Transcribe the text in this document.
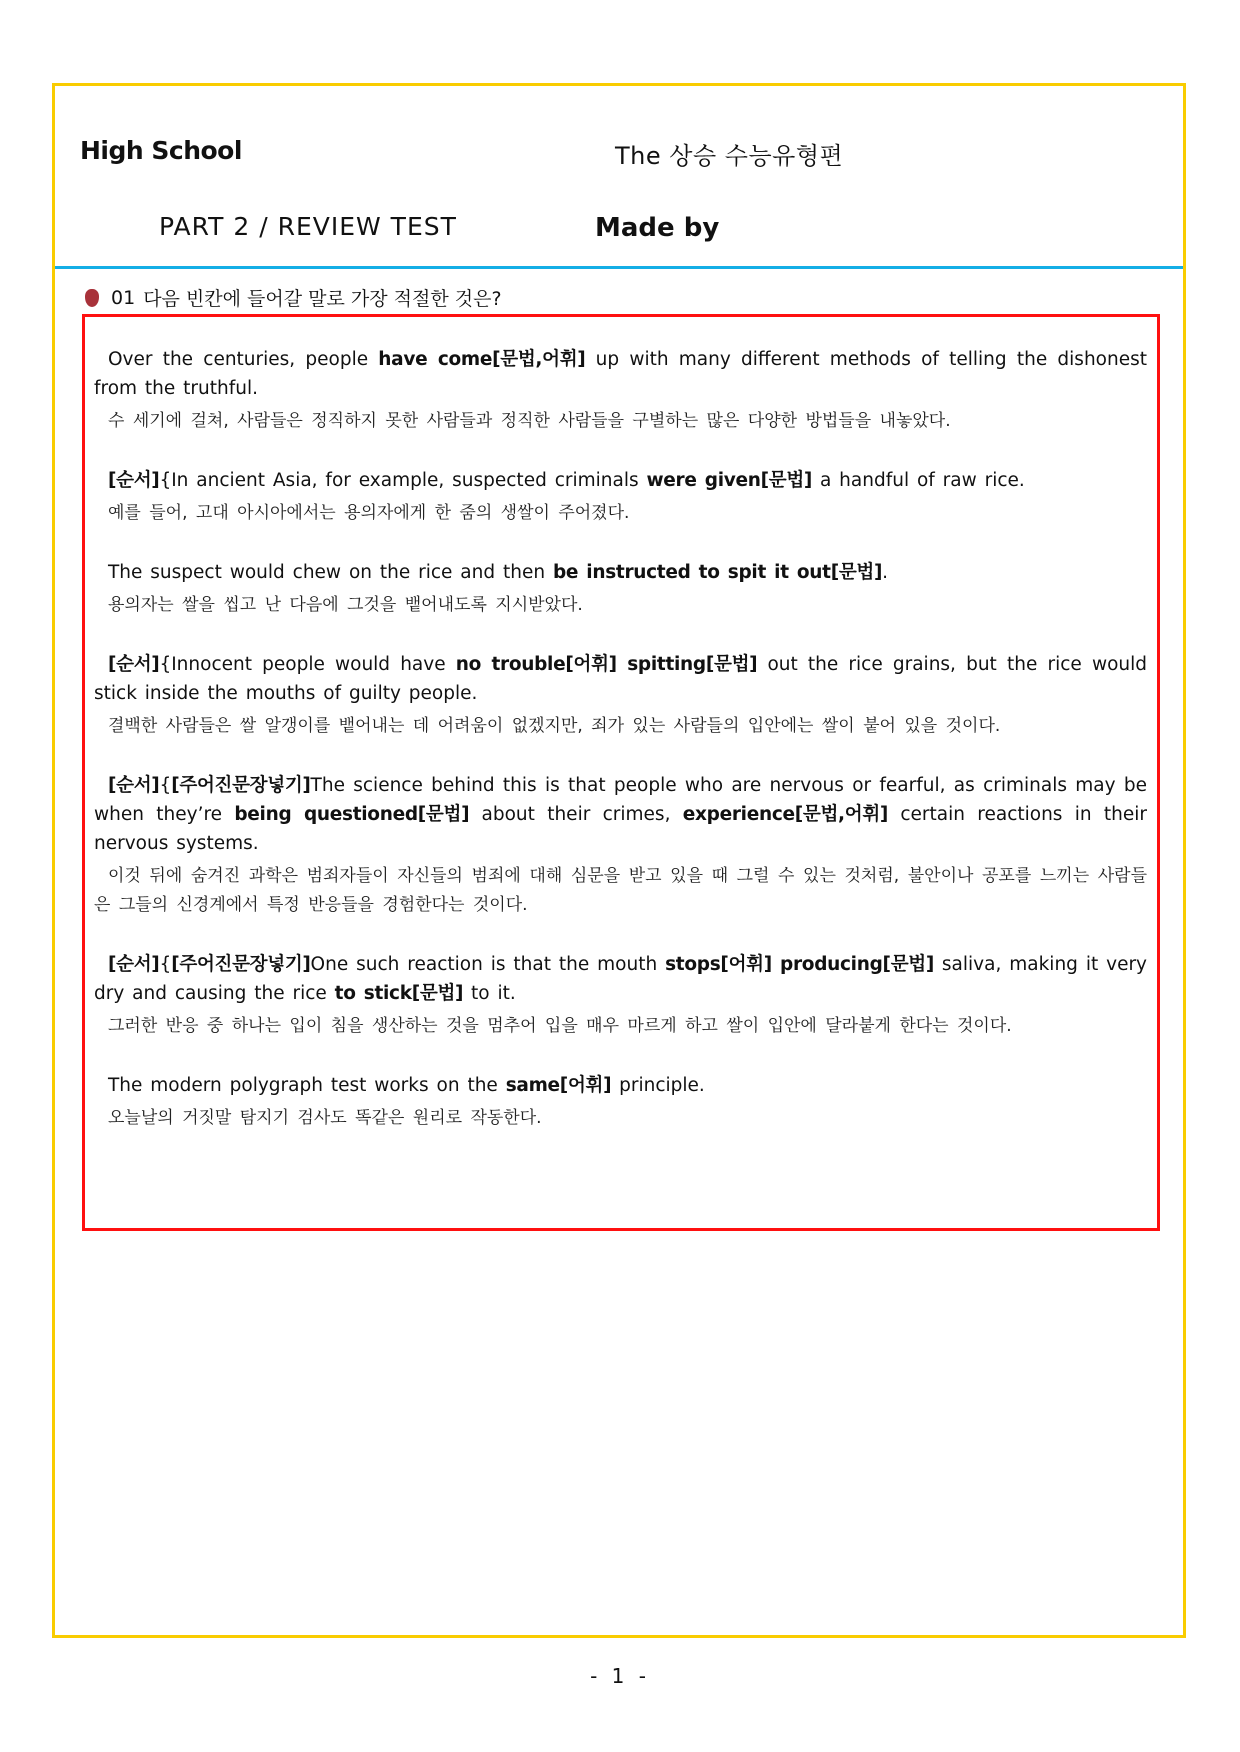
High School	The 상승 수능유형편
PART 2 / REVIEW TEST	Made by
01 다음 빈칸에 들어갈 말로 가장 적절한 것은?
Over the centuries, people have come[문법,어휘] up with many different methods of telling the dishonest from the truthful.
수 세기에 걸쳐, 사람들은 정직하지 못한 사람들과 정직한 사람들을 구별하는 많은 다양한 방법들을 내놓았다.
[순서]{In ancient Asia, for example, suspected criminals were given[문법] a handful of raw rice.
예를 들어, 고대 아시아에서는 용의자에게 한 줌의 생쌀이 주어졌다.
The suspect would chew on the rice and then be instructed to spit it out[문법].
용의자는 쌀을 씹고 난 다음에 그것을 뱉어내도록 지시받았다.
[순서]{Innocent people would have no trouble[어휘] spitting[문법] out the rice grains, but the rice would stick inside the mouths of guilty people.
결백한 사람들은 쌀 알갱이를 뱉어내는 데 어려움이 없겠지만, 죄가 있는 사람들의 입안에는 쌀이 붙어 있을 것이다.
[순서]{[주어진문장넣기]The science behind this is that people who are nervous or fearful, as criminals may be when they’re being questioned[문법] about their crimes, experience[문법,어휘] certain reactions in their nervous systems.
이것 뒤에 숨겨진 과학은 범죄자들이 자신들의 범죄에 대해 심문을 받고 있을 때 그럴 수 있는 것처럼, 불안이나 공포를 느끼는 사람들은 그들의 신경계에서 특정 반응들을 경험한다는 것이다.
[순서]{[주어진문장넣기]One such reaction is that the mouth stops[어휘] producing[문법] saliva, making it very dry and causing the rice to stick[문법] to it.
그러한 반응 중 하나는 입이 침을 생산하는 것을 멈추어 입을 매우 마르게 하고 쌀이 입안에 달라붙게 한다는 것이다.
The modern polygraph test works on the same[어휘] principle.
오늘날의 거짓말 탐지기 검사도 똑같은 원리로 작동한다.
- 1 -
